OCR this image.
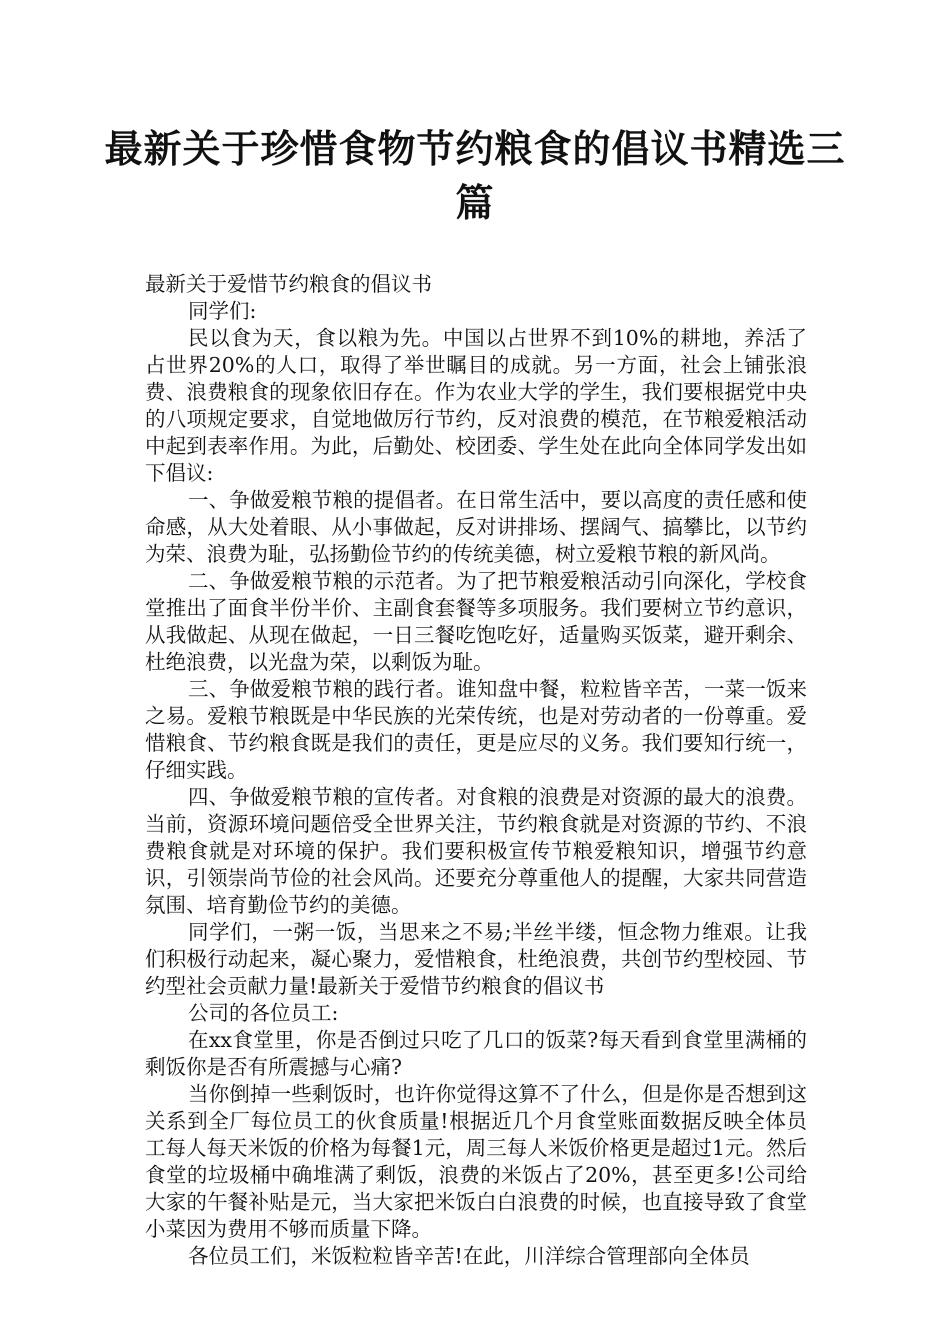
最新关于珍惜食物节约粮食的倡议书精选三篇

最新关于爱惜节约粮食的倡议书

同学们:

民以食为天，食以粮为先。中国以占世界不到10%的耕地，养活了占世界20%的人口，取得了举世瞩目的成就。另一方面，社会上铺张浪费、浪费粮食的现象依旧存在。作为农业大学的学生，我们要根据党中央的八项规定要求，自觉地做厉行节约，反对浪费的模范，在节粮爱粮活动中起到表率作用。为此，后勤处、校团委、学生处在此向全体同学发出如下倡议:

一、争做爱粮节粮的提倡者。在日常生活中，要以高度的责任感和使命感，从大处着眼、从小事做起，反对讲排场、摆阔气、搞攀比，以节约为荣、浪费为耻，弘扬勤俭节约的传统美德，树立爱粮节粮的新风尚。

二、争做爱粮节粮的示范者。为了把节粮爱粮活动引向深化，学校食堂推出了面食半份半价、主副食套餐等多项服务。我们要树立节约意识，从我做起、从现在做起，一日三餐吃饱吃好，适量购买饭菜，避开剩余、杜绝浪费，以光盘为荣，以剩饭为耻。

三、争做爱粮节粮的践行者。谁知盘中餐，粒粒皆辛苦，一菜一饭来之易。爱粮节粮既是中华民族的光荣传统，也是对劳动者的一份尊重。爱惜粮食、节约粮食既是我们的责任，更是应尽的义务。我们要知行统一，仔细实践。

四、争做爱粮节粮的宣传者。对食粮的浪费是对资源的最大的浪费。当前，资源环境问题倍受全世界关注，节约粮食就是对资源的节约、不浪费粮食就是对环境的保护。我们要积极宣传节粮爱粮知识，增强节约意识，引领崇尚节俭的社会风尚。还要充分尊重他人的提醒，大家共同营造氛围、培育勤俭节约的美德。

同学们，一粥一饭，当思来之不易;半丝半缕，恒念物力维艰。让我们积极行动起来，凝心聚力，爱惜粮食，杜绝浪费，共创节约型校园、节约型社会贡献力量!最新关于爱惜节约粮食的倡议书

公司的各位员工:

在xx食堂里，你是否倒过只吃了几口的饭菜?每天看到食堂里满桶的剩饭你是否有所震撼与心痛?

当你倒掉一些剩饭时，也许你觉得这算不了什么，但是你是否想到这关系到全厂每位员工的伙食质量!根据近几个月食堂账面数据反映全体员工每人每天米饭的价格为每餐1元，周三每人米饭价格更是超过1元。然后食堂的垃圾桶中确堆满了剩饭，浪费的米饭占了20%，甚至更多!公司给大家的午餐补贴是元，当大家把米饭白白浪费的时候，也直接导致了食堂小菜因为费用不够而质量下降。

各位员工们，米饭粒粒皆辛苦!在此，川洋综合管理部向全体员
